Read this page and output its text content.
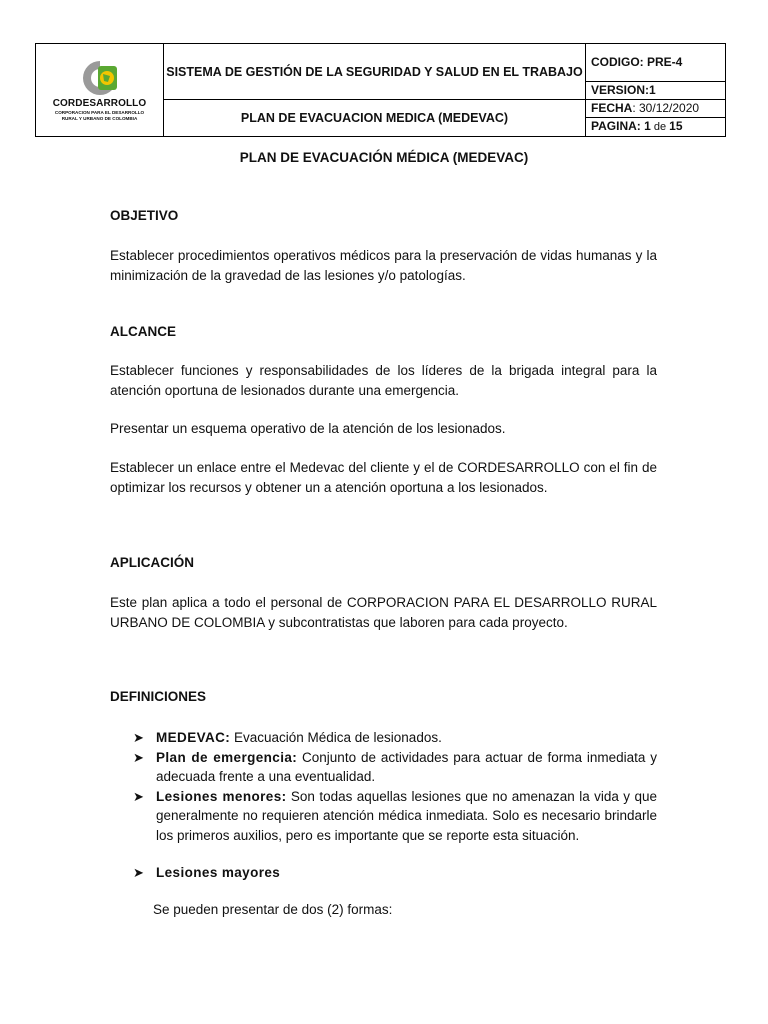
CORDESARROLLO
CORPORACION PARA EL DESARROLLO
RURAL Y URBANO DE COLOMBIA	SISTEMA DE GESTIÓN DE LA SEGURIDAD Y SALUD EN EL TRABAJO	CODIGO: PRE-4
		VERSION:1
	PLAN DE EVACUACION MEDICA (MEDEVAC)	FECHA: 30/12/2020
		PAGINA: 1 de 15
PLAN DE EVACUACIÓN MÉDICA (MEDEVAC)
OBJETIVO

Establecer procedimientos operativos médicos para la preservación de vidas humanas y la minimización de la gravedad de las lesiones y/o patologías.

ALCANCE

Establecer funciones y responsabilidades de los líderes de la brigada integral para la atención oportuna de lesionados durante una emergencia.

Presentar un esquema operativo de la atención de los lesionados.

Establecer un enlace entre el Medevac del cliente y el de CORDESARROLLO con el fin de optimizar los recursos y obtener un a atención oportuna a los lesionados.

APLICACIÓN

Este plan aplica a todo el personal de CORPORACION PARA EL DESARROLLO RURAL URBANO DE COLOMBIA y subcontratistas que laboren para cada proyecto.

DEFINICIONES
➤ MEDEVAC: Evacuación Médica de lesionados.
➤ Plan de emergencia: Conjunto de actividades para actuar de forma inmediata y adecuada frente a una eventualidad.
➤ Lesiones menores: Son todas aquellas lesiones que no amenazan la vida y que generalmente no requieren atención médica inmediata. Solo es necesario brindarle los primeros auxilios, pero es importante que se reporte esta situación.
➤ Lesiones mayores
Se pueden presentar de dos (2) formas:
